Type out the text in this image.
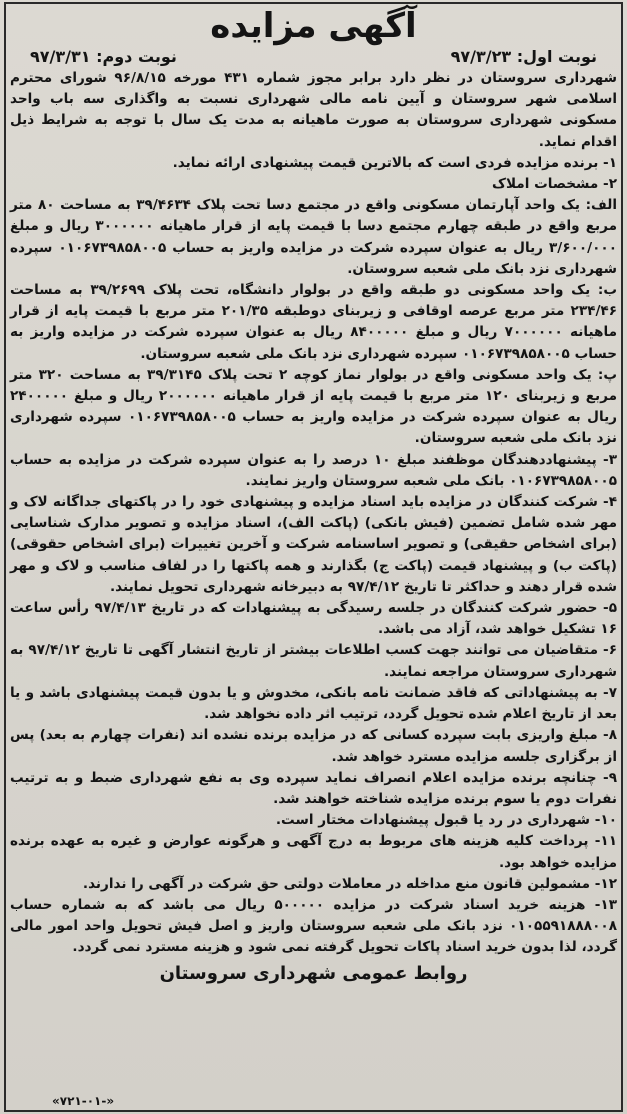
آگهی مزایده
نوبت اول: ۹۷/۳/۲۳
نوبت دوم: ۹۷/۳/۳۱

شهرداری سروستان در نظر دارد برابر مجوز شماره ۴۳۱ مورخه ۹۶/۸/۱۵ شورای محترم اسلامی شهر سروستان و آیین نامه مالی شهرداری نسبت به واگذاری سه باب واحد مسکونی شهرداری سروستان به صورت ماهیانه به مدت یک سال با توجه به شرایط ذیل اقدام نماید.

۱- برنده مزایده فردی است که بالاترین قیمت پیشنهادی ارائه نماید.

۲- مشخصات املاک

الف: یک واحد آپارتمان مسکونی واقع در مجتمع دسا تحت پلاک ۳۹/۴۶۳۴ به مساحت ۸۰ متر مربع واقع در طبقه چهارم مجتمع دسا با قیمت پایه از قرار ماهیانه ۳۰۰۰۰۰۰ ریال و مبلغ ۳/۶۰۰/۰۰۰ ریال به عنوان سپرده شرکت در مزایده واریز به حساب ۰۱۰۶۷۳۹۸۵۸۰۰۵ سپرده شهرداری نزد بانک ملی شعبه سروستان.

ب: یک واحد مسکونی دو طبقه واقع در بولوار دانشگاه، تحت پلاک ۳۹/۲۶۹۹ به مساحت ۲۳۴/۴۶ متر مربع عرصه اوقافی و زیربنای دوطبقه ۲۰۱/۳۵ متر مربع با قیمت پایه از قرار ماهیانه ۷۰۰۰۰۰۰ ریال و مبلغ ۸۴۰۰۰۰۰ ریال به عنوان سپرده شرکت در مزایده واریز به حساب ۰۱۰۶۷۳۹۸۵۸۰۰۵ سپرده شهرداری نزد بانک ملی شعبه سروستان.

پ: یک واحد مسکونی واقع در بولوار نماز کوچه ۲ تحت پلاک ۳۹/۳۱۴۵ به مساحت ۳۲۰ متر مربع و زیربنای ۱۲۰ متر مربع با قیمت پایه از قرار ماهیانه ۲۰۰۰۰۰۰ ریال و مبلغ ۲۴۰۰۰۰۰ ریال به عنوان سپرده شرکت در مزایده واریز به حساب ۰۱۰۶۷۳۹۸۵۸۰۰۵ سپرده شهرداری نزد بانک ملی شعبه سروستان.

۳- پیشنهاددهندگان موظفند مبلغ ۱۰ درصد را به عنوان سپرده شرکت در مزایده به حساب ۰۱۰۶۷۳۹۸۵۸۰۰۵ بانک ملی شعبه سروستان واریز نمایند.

۴- شرکت کنندگان در مزایده باید اسناد مزایده و پیشنهادی خود را در پاکتهای جداگانه لاک و مهر شده شامل تضمین (فیش بانکی) (پاکت الف)، اسناد مزایده و تصویر مدارک شناسایی (برای اشخاص حقیقی) و تصویر اساسنامه شرکت و آخرین تغییرات (برای اشخاص حقوقی) (پاکت ب) و پیشنهاد قیمت (پاکت ج) بگذارند و همه پاکتها را در لفاف مناسب و لاک و مهر شده قرار دهند و حداکثر تا تاریخ ۹۷/۴/۱۲ به دبیرخانه شهرداری تحویل نمایند.

۵- حضور شرکت کنندگان در جلسه رسیدگی به پیشنهادات که در تاریخ ۹۷/۴/۱۳ رأس ساعت ۱۶ تشکیل خواهد شد، آزاد می باشد.

۶- متقاضیان می توانند جهت کسب اطلاعات بیشتر از تاریخ انتشار آگهی تا تاریخ ۹۷/۴/۱۲ به شهرداری سروستان مراجعه نمایند.

۷- به پیشنهاداتی که فاقد ضمانت نامه بانکی، مخدوش و یا بدون قیمت پیشنهادی باشد و یا بعد از تاریخ اعلام شده تحویل گردد، ترتیب اثر داده نخواهد شد.

۸- مبلغ واریزی بابت سپرده کسانی که در مزایده برنده نشده اند (نفرات چهارم به بعد) پس از برگزاری جلسه مزایده مسترد خواهد شد.

۹- چنانچه برنده مزایده اعلام انصراف نماید سپرده وی به نفع شهرداری ضبط و به ترتیب نفرات دوم یا سوم برنده مزایده شناخته خواهند شد.

۱۰- شهرداری در رد یا قبول پیشنهادات مختار است.

۱۱- پرداخت کلیه هزینه های مربوط به درج آگهی و هرگونه عوارض و غیره به عهده برنده مزایده خواهد بود.

۱۲- مشمولین قانون منع مداخله در معاملات دولتی حق شرکت در آگهی را ندارند.

۱۳- هزینه خرید اسناد شرکت در مزایده ۵۰۰۰۰۰ ریال می باشد که به شماره حساب ۰۱۰۵۵۹۱۸۸۸۰۰۸ نزد بانک ملی شعبه سروستان واریز و اصل فیش تحویل واحد امور مالی گردد، لذا بدون خرید اسناد پاکات تحویل گرفته نمی شود و هزینه مسترد نمی گردد.

روابط عمومی شهرداری سروستان
«۷۲۱-۰۱-»
